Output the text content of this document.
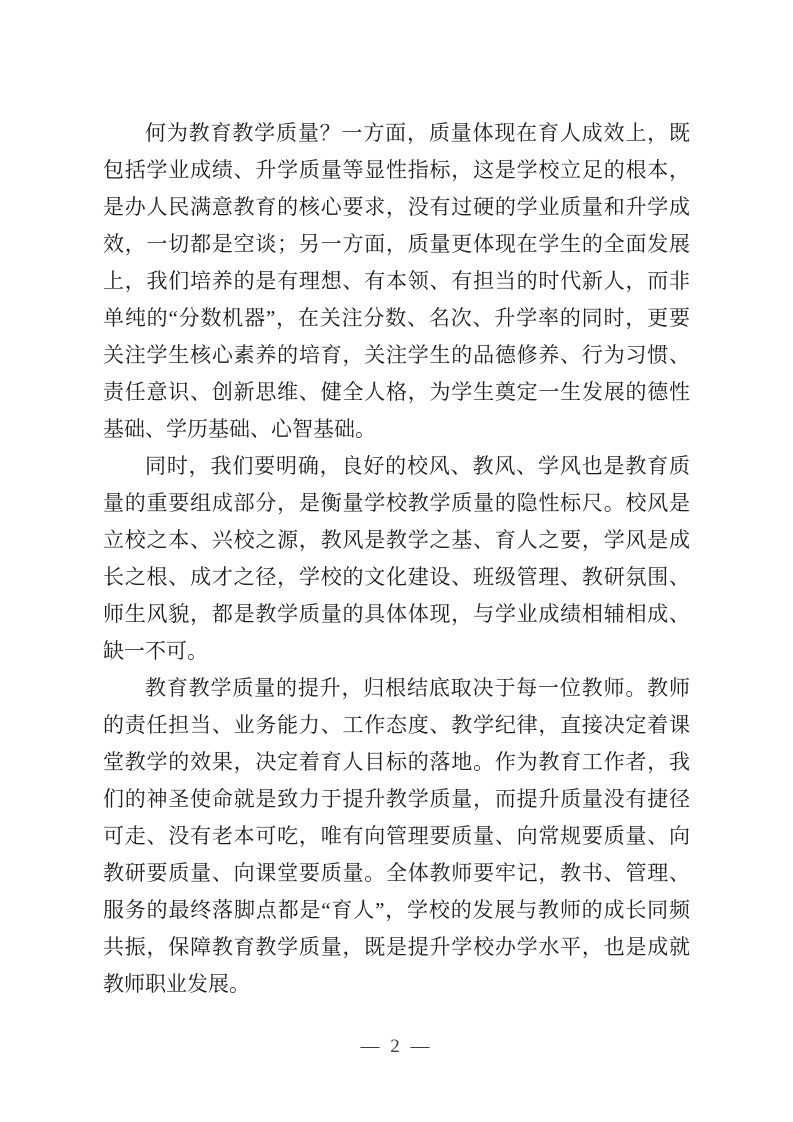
何为教育教学质量？一方面，质量体现在育人成效上，既
包括学业成绩、升学质量等显性指标，这是学校立足的根本，
是办人民满意教育的核心要求，没有过硬的学业质量和升学成
效，一切都是空谈；另一方面，质量更体现在学生的全面发展
上，我们培养的是有理想、有本领、有担当的时代新人，而非
单纯的“分数机器”，在关注分数、名次、升学率的同时，更要
关注学生核心素养的培育，关注学生的品德修养、行为习惯、
责任意识、创新思维、健全人格，为学生奠定一生发展的德性
基础、学历基础、心智基础。
同时，我们要明确，良好的校风、教风、学风也是教育质
量的重要组成部分，是衡量学校教学质量的隐性标尺。校风是
立校之本、兴校之源，教风是教学之基、育人之要，学风是成
长之根、成才之径，学校的文化建设、班级管理、教研氛围、
师生风貌，都是教学质量的具体体现，与学业成绩相辅相成、
缺一不可。
教育教学质量的提升，归根结底取决于每一位教师。教师
的责任担当、业务能力、工作态度、教学纪律，直接决定着课
堂教学的效果，决定着育人目标的落地。作为教育工作者，我
们的神圣使命就是致力于提升教学质量，而提升质量没有捷径
可走、没有老本可吃，唯有向管理要质量、向常规要质量、向
教研要质量、向课堂要质量。全体教师要牢记，教书、管理、
服务的最终落脚点都是“育人”，学校的发展与教师的成长同频
共振，保障教育教学质量，既是提升学校办学水平，也是成就
教师职业发展。
— 2 —
